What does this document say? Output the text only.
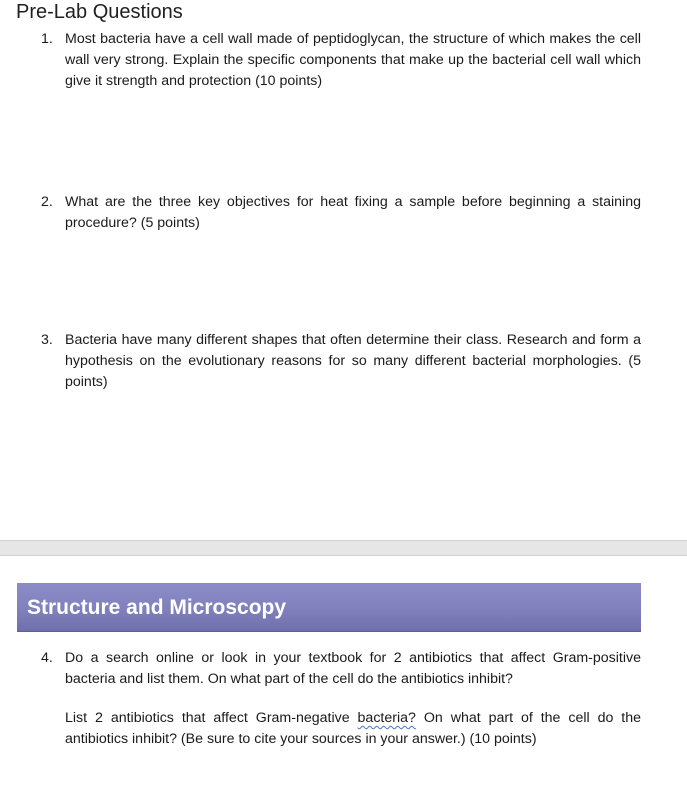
Pre-Lab Questions
1. Most bacteria have a cell wall made of peptidoglycan, the structure of which makes the cell wall very strong. Explain the specific components that make up the bacterial cell wall which give it strength and protection (10 points)
2. What are the three key objectives for heat fixing a sample before beginning a staining procedure? (5 points)
3. Bacteria have many different shapes that often determine their class. Research and form a hypothesis on the evolutionary reasons for so many different bacterial morphologies. (5 points)
Structure and Microscopy
4. Do a search online or look in your textbook for 2 antibiotics that affect Gram-positive bacteria and list them. On what part of the cell do the antibiotics inhibit?
List 2 antibiotics that affect Gram-negative bacteria? On what part of the cell do the antibiotics inhibit? (Be sure to cite your sources in your answer.) (10 points)
